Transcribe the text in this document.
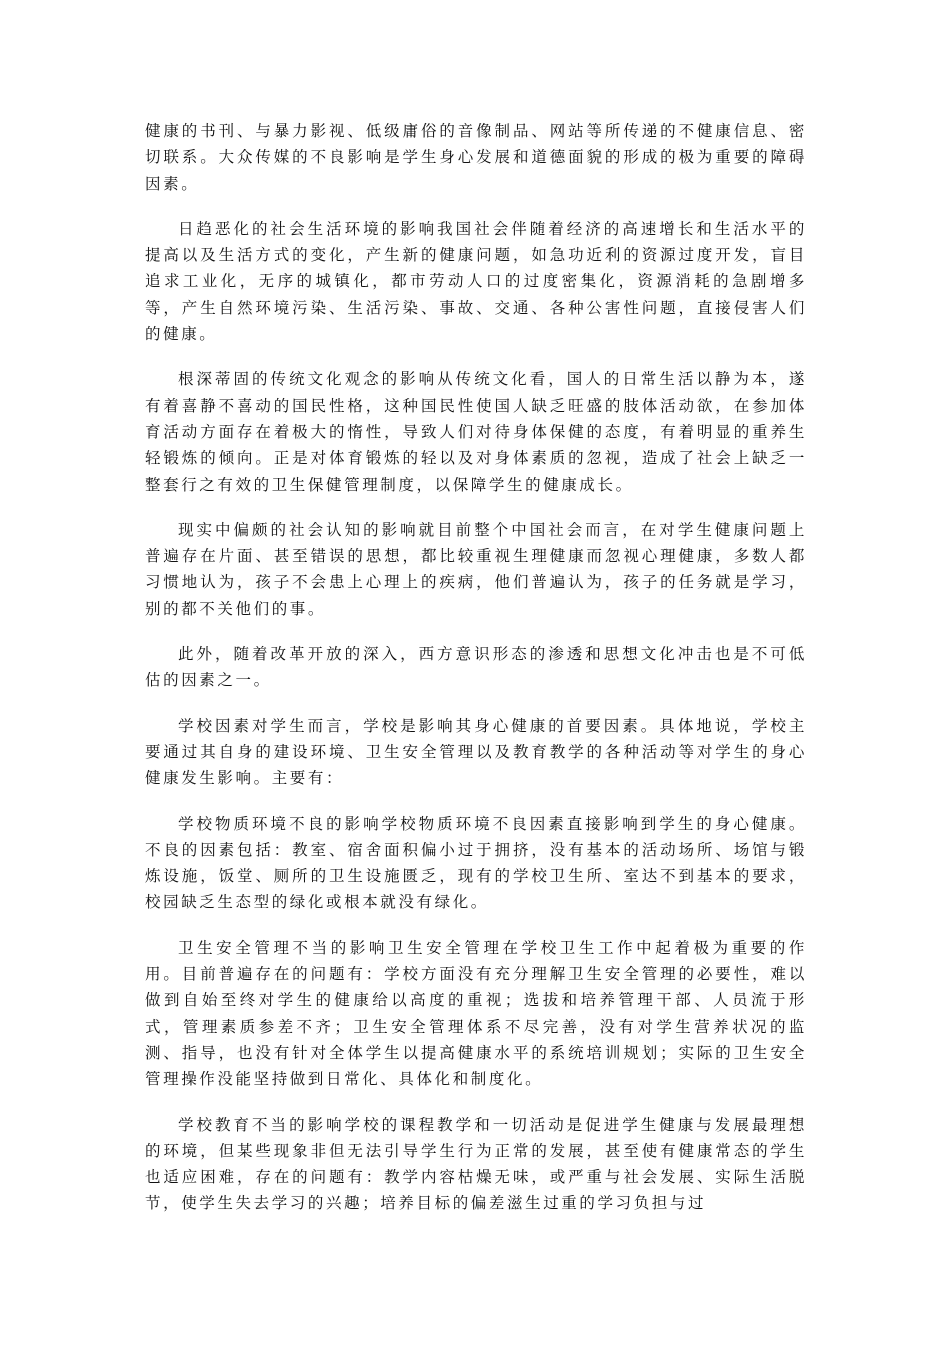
健康的书刊、与暴力影视、低级庸俗的音像制品、网站等所传递的不健康信息、密切联系。大众传媒的不良影响是学生身心发展和道德面貌的形成的极为重要的障碍因素。

日趋恶化的社会生活环境的影响我国社会伴随着经济的高速增长和生活水平的提高以及生活方式的变化，产生新的健康问题，如急功近利的资源过度开发，盲目追求工业化，无序的城镇化，都市劳动人口的过度密集化，资源消耗的急剧增多等，产生自然环境污染、生活污染、事故、交通、各种公害性问题，直接侵害人们的健康。

根深蒂固的传统文化观念的影响从传统文化看，国人的日常生活以静为本，遂有着喜静不喜动的国民性格，这种国民性使国人缺乏旺盛的肢体活动欲，在参加体育活动方面存在着极大的惰性，导致人们对待身体保健的态度，有着明显的重养生轻锻炼的倾向。正是对体育锻炼的轻以及对身体素质的忽视，造成了社会上缺乏一整套行之有效的卫生保健管理制度，以保障学生的健康成长。

现实中偏颇的社会认知的影响就目前整个中国社会而言，在对学生健康问题上普遍存在片面、甚至错误的思想，都比较重视生理健康而忽视心理健康，多数人都习惯地认为，孩子不会患上心理上的疾病，他们普遍认为，孩子的任务就是学习，别的都不关他们的事。

此外，随着改革开放的深入，西方意识形态的渗透和思想文化冲击也是不可低估的因素之一。

学校因素对学生而言，学校是影响其身心健康的首要因素。具体地说，学校主要通过其自身的建设环境、卫生安全管理以及教育教学的各种活动等对学生的身心健康发生影响。主要有：

学校物质环境不良的影响学校物质环境不良因素直接影响到学生的身心健康。不良的因素包括：教室、宿舍面积偏小过于拥挤，没有基本的活动场所、场馆与锻炼设施，饭堂、厕所的卫生设施匮乏，现有的学校卫生所、室达不到基本的要求，校园缺乏生态型的绿化或根本就没有绿化。

卫生安全管理不当的影响卫生安全管理在学校卫生工作中起着极为重要的作用。目前普遍存在的问题有：学校方面没有充分理解卫生安全管理的必要性，难以做到自始至终对学生的健康给以高度的重视；选拔和培养管理干部、人员流于形式，管理素质参差不齐；卫生安全管理体系不尽完善，没有对学生营养状况的监测、指导，也没有针对全体学生以提高健康水平的系统培训规划；实际的卫生安全管理操作没能坚持做到日常化、具体化和制度化。

学校教育不当的影响学校的课程教学和一切活动是促进学生健康与发展最理想的环境，但某些现象非但无法引导学生行为正常的发展，甚至使有健康常态的学生也适应困难，存在的问题有：教学内容枯燥无味，或严重与社会发展、实际生活脱节，使学生失去学习的兴趣；培养目标的偏差滋生过重的学习负担与过
